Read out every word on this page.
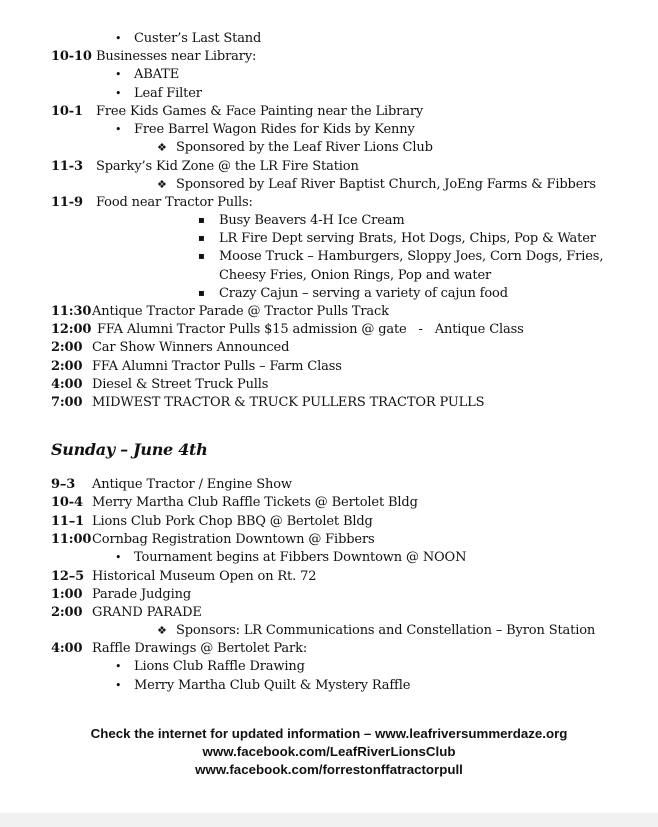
• Custer’s Last Stand
10-10 Businesses near Library:
• ABATE
• Leaf Filter
10-1 Free Kids Games & Face Painting near the Library
• Free Barrel Wagon Rides for Kids by Kenny
❖ Sponsored by the Leaf River Lions Club
11-3 Sparky’s Kid Zone @ the LR Fire Station
❖ Sponsored by Leaf River Baptist Church, JoEng Farms & Fibbers
11-9 Food near Tractor Pulls:
▪ Busy Beavers 4-H Ice Cream
▪ LR Fire Dept serving Brats, Hot Dogs, Chips, Pop & Water
▪ Moose Truck – Hamburgers, Sloppy Joes, Corn Dogs, Fries,
Cheesy Fries, Onion Rings, Pop and water
▪ Crazy Cajun – serving a variety of cajun food
11:30 Antique Tractor Parade @ Tractor Pulls Track
12:00 FFA Alumni Tractor Pulls $15 admission @ gate   -   Antique Class
2:00 Car Show Winners Announced
2:00 FFA Alumni Tractor Pulls – Farm Class
4:00 Diesel & Street Truck Pulls
7:00 MIDWEST TRACTOR & TRUCK PULLERS TRACTOR PULLS
Sunday – June 4th
9–3 Antique Tractor / Engine Show
10-4 Merry Martha Club Raffle Tickets @ Bertolet Bldg
11–1 Lions Club Pork Chop BBQ @ Bertolet Bldg
11:00 Cornbag Registration Downtown @ Fibbers
• Tournament begins at Fibbers Downtown @ NOON
12–5 Historical Museum Open on Rt. 72
1:00 Parade Judging
2:00 GRAND PARADE
❖ Sponsors: LR Communications and Constellation – Byron Station
4:00 Raffle Drawings @ Bertolet Park:
• Lions Club Raffle Drawing
• Merry Martha Club Quilt & Mystery Raffle
Check the internet for updated information – www.leafriversummerdaze.org
www.facebook.com/LeafRiverLionsClub
www.facebook.com/forrestonffatractorpull
